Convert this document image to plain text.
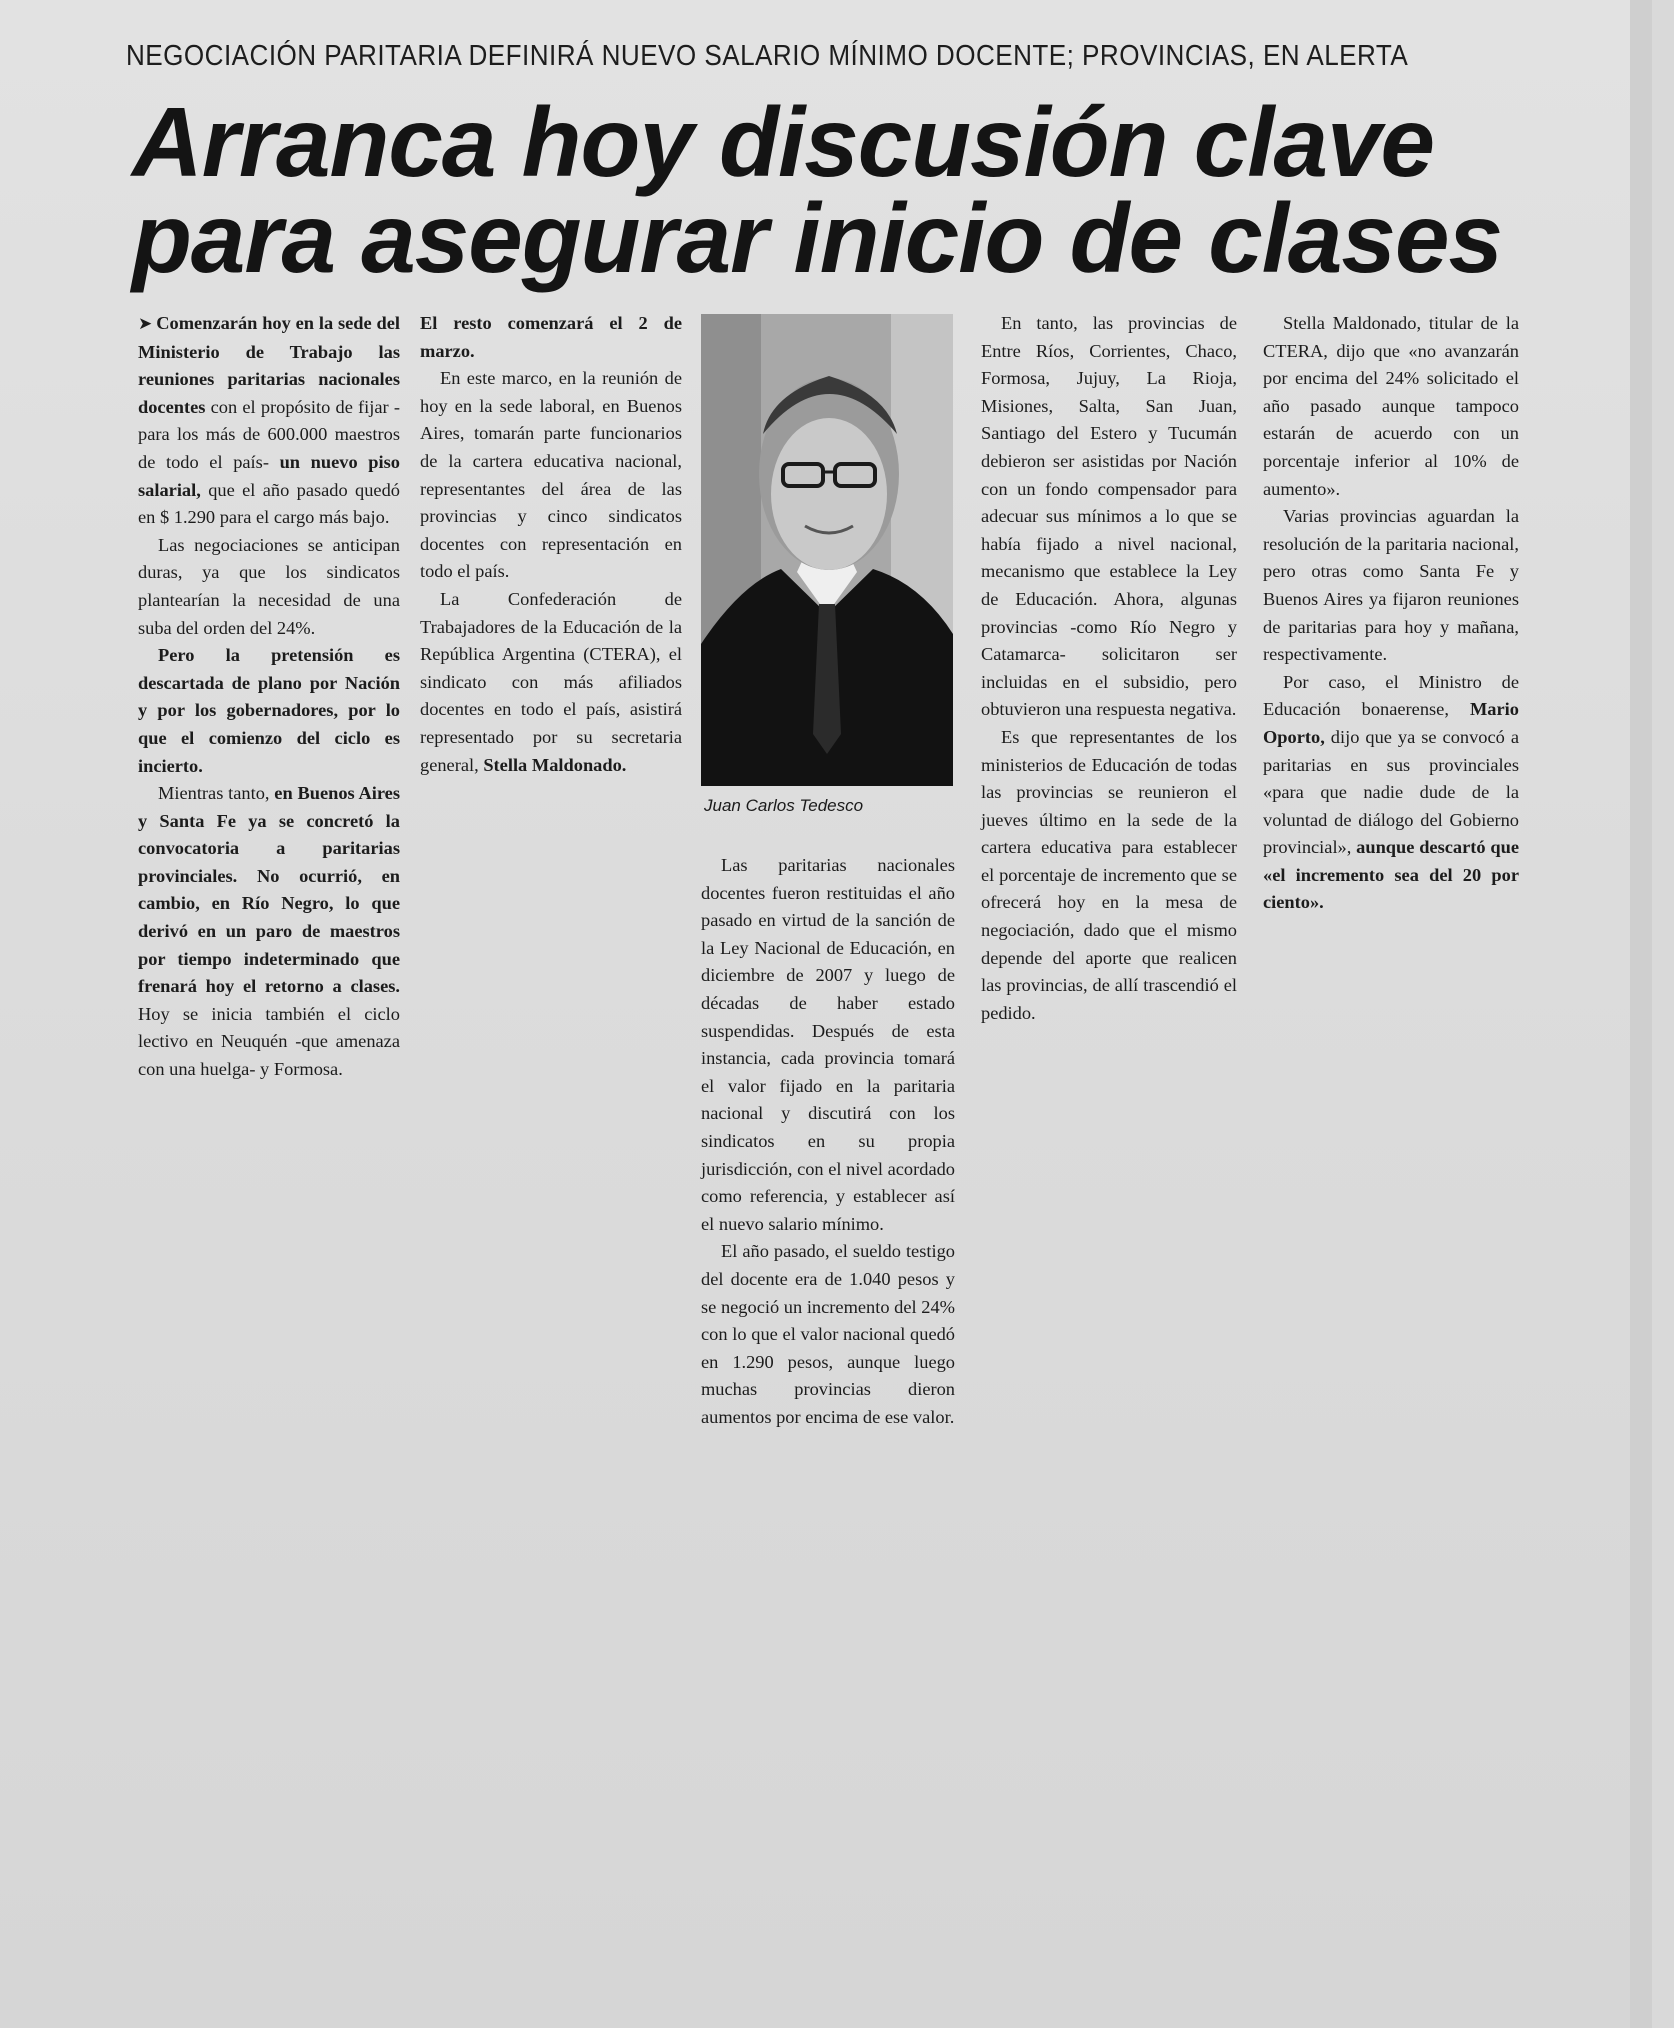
NEGOCIACIÓN PARITARIA DEFINIRÁ NUEVO SALARIO MÍNIMO DOCENTE; PROVINCIAS, EN ALERTA
Arranca hoy discusión clave para asegurar inicio de clases

➤ Comenzarán hoy en la sede del Ministerio de Trabajo las reuniones paritarias nacionales docentes con el propósito de fijar -para los más de 600.000 maestros de todo el país- un nuevo piso salarial, que el año pasado quedó en $ 1.290 para el cargo más bajo.

Las negociaciones se anticipan duras, ya que los sindicatos plantearían la necesidad de una suba del orden del 24%.

Pero la pretensión es descartada de plano por Nación y por los gobernadores, por lo que el comienzo del ciclo es incierto.

Mientras tanto, en Buenos Aires y Santa Fe ya se concretó la convocatoria a paritarias provinciales. No ocurrió, en cambio, en Río Negro, lo que derivó en un paro de maestros por tiempo indeterminado que frenará hoy el retorno a clases. Hoy se inicia también el ciclo lectivo en Neuquén -que amenaza con una huelga- y Formosa.

El resto comenzará el 2 de marzo.

En este marco, en la reunión de hoy en la sede laboral, en Buenos Aires, tomarán parte funcionarios de la cartera educativa nacional, representantes del área de las provincias y cinco sindicatos docentes con representación en todo el país.

La Confederación de Trabajadores de la Educación de la República Argentina (CTERA), el sindicato con más afiliados docentes en todo el país, asistirá representado por su secretaria general, Stella Maldonado.

Juan Carlos Tedesco

Las paritarias nacionales docentes fueron restituidas el año pasado en virtud de la sanción de la Ley Nacional de Educación, en diciembre de 2007 y luego de décadas de haber estado suspendidas. Después de esta instancia, cada provincia tomará el valor fijado en la paritaria nacional y discutirá con los sindicatos en su propia jurisdicción, con el nivel acordado como referencia, y establecer así el nuevo salario mínimo.

El año pasado, el sueldo testigo del docente era de 1.040 pesos y se negoció un incremento del 24% con lo que el valor nacional quedó en 1.290 pesos, aunque luego muchas provincias dieron aumentos por encima de ese valor.

En tanto, las provincias de Entre Ríos, Corrientes, Chaco, Formosa, Jujuy, La Rioja, Misiones, Salta, San Juan, Santiago del Estero y Tucumán debieron ser asistidas por Nación con un fondo compensador para adecuar sus mínimos a lo que se había fijado a nivel nacional, mecanismo que establece la Ley de Educación. Ahora, algunas provincias -como Río Negro y Catamarca- solicitaron ser incluidas en el subsidio, pero obtuvieron una respuesta negativa.

Es que representantes de los ministerios de Educación de todas las provincias se reunieron el jueves último en la sede de la cartera educativa para establecer el porcentaje de incremento que se ofrecerá hoy en la mesa de negociación, dado que el mismo depende del aporte que realicen las provincias, de allí trascendió el pedido.

Stella Maldonado, titular de la CTERA, dijo que «no avanzarán por encima del 24% solicitado el año pasado aunque tampoco estarán de acuerdo con un porcentaje inferior al 10% de aumento».

Varias provincias aguardan la resolución de la paritaria nacional, pero otras como Santa Fe y Buenos Aires ya fijaron reuniones de paritarias para hoy y mañana, respectivamente.

Por caso, el Ministro de Educación bonaerense, Mario Oporto, dijo que ya se convocó a paritarias en sus provinciales «para que nadie dude de la voluntad de diálogo del Gobierno provincial», aunque descartó que «el incremento sea del 20 por ciento».
